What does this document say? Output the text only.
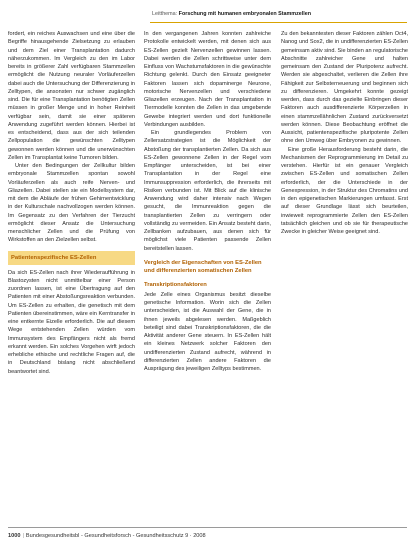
Leitthema: Forschung mit humanen embryonalen Stammzellen

fordert, ein reiches Auswachsen und eine über die Begriffe hinausgehende Zielsetzung zu erlauben und dem Ziel einer Transplantation dadurch näherzukommen. Im Vergleich zu den im Labor bereits in größerer Zahl verfügbaren Stammzellen ermöglicht die Nutzung neuraler Vorläuferzellen dabei auch die Untersuchung der Differenzierung in Zelltypen, die ansonsten nur schwer zugänglich sind. Die für eine Transplantation benötigten Zellen müssen in großer Menge und in hoher Reinheit verfügbar sein, damit sie einer späteren Anwendung zugeführt werden können. Hierbei ist es entscheidend, dass aus der sich teilenden Zellpopulation die gewünschten Zelltypen gewonnen werden können und die unerwünschten Zellen im Transplantat keine Tumoren bilden.

Unter den Bedingungen der Zellkultur bilden embryonale Stammzellen spontan sowohl Vorläuferzellen als auch reife Nerven- und Gliazellen. Dabei stellen sie ein Modellsystem dar, mit dem die Abläufe der frühen Gehirnentwicklung in der Kulturschale nachvollzogen werden können. Im Gegensatz zu den Verfahren der Tierzucht ermöglicht dieser Ansatz die Untersuchung menschlicher Zellen und die Prüfung von Wirkstoffen an den Zielzellen selbst.

Patientenspezifische ES-Zellen

Da sich ES-Zellen nach ihrer Wiederaufführung in Blastozysten nicht unmittelbar einer Person zuordnen lassen, ist eine Übertragung auf den Patienten mit einer Abstoßungsreaktion verbunden. Um ES-Zellen zu erhalten, die genetisch mit dem Patienten übereinstimmen, wäre ein Kerntransfer in eine entkernte Eizelle erforderlich. Die auf diesem Wege entstehenden Zellen würden vom Immunsystem des Empfängers nicht als fremd erkannt werden. Ein solches Vorgehen wirft jedoch erhebliche ethische und rechtliche Fragen auf, die in Deutschland bislang nicht abschließend beantwortet sind.

In den vergangenen Jahren konnten zahlreiche Protokolle entwickelt werden, mit denen sich aus ES-Zellen gezielt Nervenzellen gewinnen lassen. Dabei werden die Zellen schrittweise unter dem Einfluss von Wachstumsfaktoren in die gewünschte Richtung gelenkt. Durch den Einsatz geeigneter Faktoren lassen sich dopaminerge Neurone, motorische Nervenzellen und verschiedene Gliazellen erzeugen. Nach der Transplantation in Tiermodelle konnten die Zellen in das umgebende Gewebe integriert werden und dort funktionelle Verbindungen ausbilden.

Ein grundlegendes Problem von Zellersatzstrategien ist die Möglichkeit der Abstoßung der transplantierten Zellen. Da sich aus ES-Zellen gewonnene Zellen in der Regel vom Empfänger unterscheiden, ist bei einer Transplantation in der Regel eine Immunsuppression erforderlich, die ihrerseits mit Risiken verbunden ist. Mit Blick auf die klinische Anwendung wird daher intensiv nach Wegen gesucht, die Immunreaktion gegen die transplantierten Zellen zu verringern oder vollständig zu vermeiden. Ein Ansatz besteht darin, Zellbanken aufzubauen, aus denen sich für möglichst viele Patienten passende Zellen bereitstellen lassen.

Vergleich der Eigenschaften von ES-Zellen und differenzierten somatischen Zellen
Transkriptionsfaktoren

Jede Zelle eines Organismus besitzt dieselbe genetische Information. Worin sich die Zellen unterscheiden, ist die Auswahl der Gene, die in ihnen jeweils abgelesen werden. Maßgeblich beteiligt sind dabei Transkriptionsfaktoren, die die Aktivität anderer Gene steuern. In ES-Zellen hält ein kleines Netzwerk solcher Faktoren den undifferenzierten Zustand aufrecht, während in differenzierten Zellen andere Faktoren die Ausprägung des jeweiligen Zelltyps bestimmen.

Zu den bekanntesten dieser Faktoren zählen Oct4, Nanog und Sox2, die in undifferenzierten ES-Zellen gemeinsam aktiv sind. Sie binden an regulatorische Abschnitte zahlreicher Gene und halten gemeinsam den Zustand der Pluripotenz aufrecht. Werden sie abgeschaltet, verlieren die Zellen ihre Fähigkeit zur Selbsterneuerung und beginnen sich zu differenzieren. Umgekehrt konnte gezeigt werden, dass durch das gezielte Einbringen dieser Faktoren auch ausdifferenzierte Körperzellen in einen stammzellähnlichen Zustand zurückversetzt werden können. Diese Beobachtung eröffnet die Aussicht, patientenspezifische pluripotente Zellen ohne den Umweg über Embryonen zu gewinnen.

Eine große Herausforderung besteht darin, die Mechanismen der Reprogrammierung im Detail zu verstehen. Hierfür ist ein genauer Vergleich zwischen ES-Zellen und somatischen Zellen erforderlich, der die Unterschiede in der Genexpression, in der Struktur des Chromatins und in den epigenetischen Markierungen umfasst. Erst auf dieser Grundlage lässt sich beurteilen, inwieweit reprogrammierte Zellen den ES-Zellen tatsächlich gleichen und ob sie für therapeutische Zwecke in gleicher Weise geeignet sind.

1000 | Bundesgesundheitsbl - Gesundheitsforsch - Gesundheitsschutz 9 · 2008
